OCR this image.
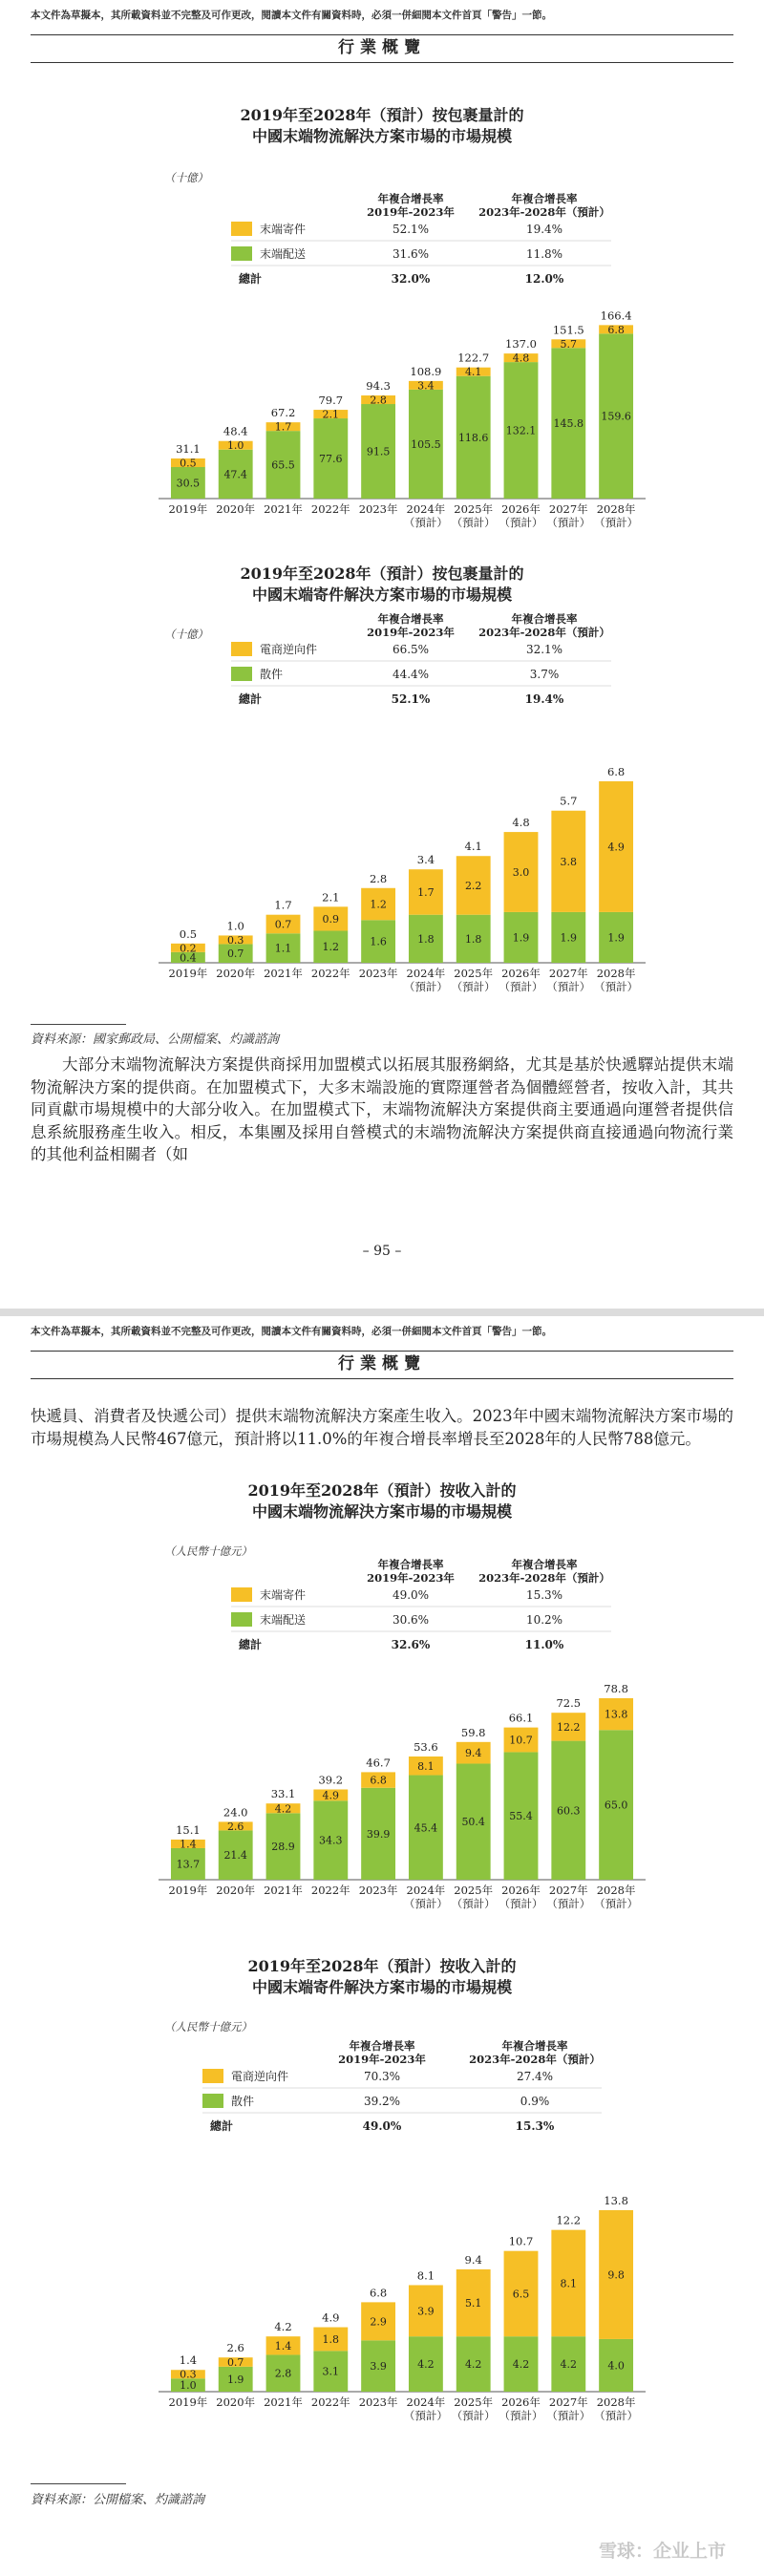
本文件為草擬本，其所載資料並不完整及可作更改，閱讀本文件有關資料時，必須一併細閱本文件首頁「警告」一節。
行業概覽
2019年至2028年（預計）按包裹量計的
中國末端物流解決方案市場的市場規模
（十億）
年複合增長率
2019年-2023年
年複合增長率
2023年-2028年（預計）
末端寄件	52.1%	19.4%
末端配送	31.6%	11.8%
總計	32.0%	12.0%
30.5
0.5
31.1
2019年
47.4
1.0
48.4
2020年
65.5
1.7
67.2
2021年
77.6
2.1
79.7
2022年
91.5
2.8
94.3
2023年
105.5
3.4
108.9
2024年
（預計）
118.6
4.1
122.7
2025年
（預計）
132.1
4.8
137.0
2026年
（預計）
145.8
5.7
151.5
2027年
（預計）
159.6
6.8
166.4
2028年
（預計）
2019年至2028年（預計）按包裹量計的
中國末端寄件解決方案市場的市場規模
（十億）
年複合增長率
2019年-2023年
年複合增長率
2023年-2028年（預計）
電商逆向件	66.5%	32.1%
散件	44.4%	3.7%
總計	52.1%	19.4%
0.4
0.2
0.5
2019年
0.7
0.3
1.0
2020年
1.1
0.7
1.7
2021年
1.2
0.9
2.1
2022年
1.6
1.2
2.8
2023年
1.8
1.7
3.4
2024年
（預計）
1.8
2.2
4.1
2025年
（預計）
1.9
3.0
4.8
2026年
（預計）
1.9
3.8
5.7
2027年
（預計）
1.9
4.9
6.8
2028年
（預計）
資料來源：國家郵政局、公開檔案、灼識諮詢
大部分末端物流解決方案提供商採用加盟模式以拓展其服務網絡，尤其是基於快遞驛站提供末端物流解決方案的提供商。在加盟模式下，大多末端設施的實際運營者為個體經營者，按收入計，其共同貢獻市場規模中的大部分收入。在加盟模式下，末端物流解決方案提供商主要通過向運營者提供信息系統服務產生收入。相反，本集團及採用自營模式的末端物流解決方案提供商直接通過向物流行業的其他利益相關者（如
– 95 –
本文件為草擬本，其所載資料並不完整及可作更改，閱讀本文件有關資料時，必須一併細閱本文件首頁「警告」一節。
行業概覽
快遞員、消費者及快遞公司）提供末端物流解決方案產生收入。2023年中國末端物流解決方案市場的市場規模為人民幣467億元，預計將以11.0%的年複合增長率增長至2028年的人民幣788億元。
2019年至2028年（預計）按收入計的
中國末端物流解決方案市場的市場規模
（人民幣十億元）
年複合增長率
2019年-2023年
年複合增長率
2023年-2028年（預計）
末端寄件	49.0%	15.3%
末端配送	30.6%	10.2%
總計	32.6%	11.0%
13.7
1.4
15.1
2019年
21.4
2.6
24.0
2020年
28.9
4.2
33.1
2021年
34.3
4.9
39.2
2022年
39.9
6.8
46.7
2023年
45.4
8.1
53.6
2024年
（預計）
50.4
9.4
59.8
2025年
（預計）
55.4
10.7
66.1
2026年
（預計）
60.3
12.2
72.5
2027年
（預計）
65.0
13.8
78.8
2028年
（預計）
2019年至2028年（預計）按收入計的
中國末端寄件解決方案市場的市場規模
（人民幣十億元）
年複合增長率
2019年-2023年
年複合增長率
2023年-2028年（預計）
電商逆向件	70.3%	27.4%
散件	39.2%	0.9%
總計	49.0%	15.3%
1.0
0.3
1.4
2019年
1.9
0.7
2.6
2020年
2.8
1.4
4.2
2021年
3.1
1.8
4.9
2022年
3.9
2.9
6.8
2023年
4.2
3.9
8.1
2024年
（預計）
4.2
5.1
9.4
2025年
（預計）
4.2
6.5
10.7
2026年
（預計）
4.2
8.1
12.2
2027年
（預計）
4.0
9.8
13.8
2028年
（預計）
資料來源：公開檔案、灼識諮詢
雪球：企业上市
